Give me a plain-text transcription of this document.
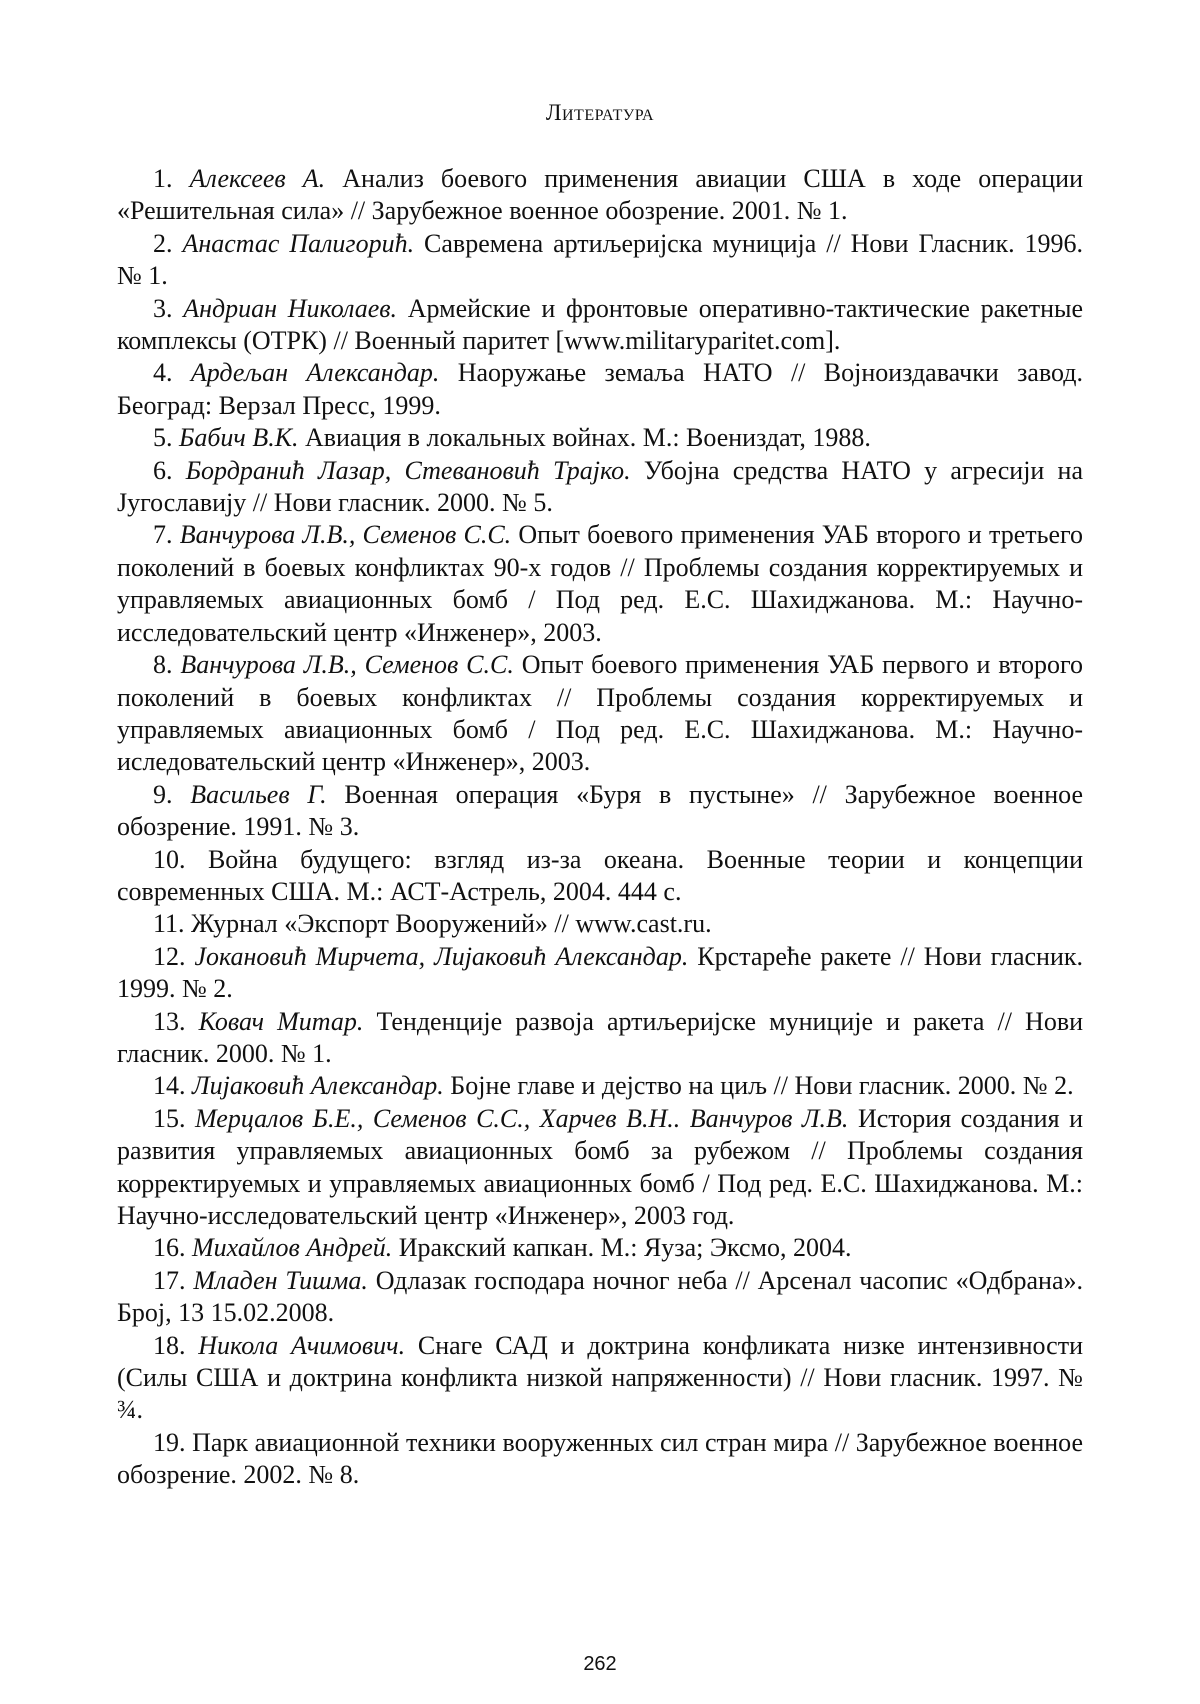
Литература

1. Алексеев А. Анализ боевого применения авиации США в ходе операции «Решительная сила» // Зарубежное военное обозрение. 2001. № 1.

2. Анастас Палигорић. Савремена артиљеријска муниција // Нови Гласник. 1996. № 1.

3. Андриан Николаев. Армейские и фронтовые оперативно-тактические ракетные комплексы (ОТРК) // Военный паритет [www.militaryparitet.com].

4. Ардељан Александар. Наоружање земаља НАТО // Војноиздавачки завод. Београд: Верзал Пресс, 1999.

5. Бабич В.К. Авиация в локальных войнах. М.: Воениздат, 1988.

6. Бордранић Лазар, Стевановић Трајко. Убојна средства НАТО у агресији на Југославију // Нови гласник. 2000. № 5.

7. Ванчурова Л.В., Семенов С.С. Опыт боевого применения УАБ второго и третьего поколений в боевых конфликтах 90-х годов // Проблемы создания корректируемых и управляемых авиационных бомб / Под ред. Е.С. Шахиджанова. М.: Научно-исследовательский центр «Инженер», 2003.

8. Ванчурова Л.В., Семенов С.С. Опыт боевого применения УАБ первого и второго поколений в боевых конфликтах // Проблемы создания корректируемых и управляемых авиационных бомб / Под ред. Е.С. Шахиджанова. М.: Научно-иследовательский центр «Инженер», 2003.

9. Васильев Г. Военная операция «Буря в пустыне» // Зарубежное военное обозрение. 1991. № 3.

10. Война будущего: взгляд из-за океана. Военные теории и концепции современных США. М.: АСТ-Астрель, 2004. 444 с.

11. Журнал «Экспорт Вооружений» // www.cast.ru.

12. Јокановић Мирчета, Лијаковић Александар. Крстареће ракете // Нови гласник. 1999. № 2.

13. Ковач Митар. Тенденције развоја артиљеријске муниције и ракета // Нови гласник. 2000. № 1.

14. Лијаковић Александар. Бојне главе и дејство на циљ // Нови гласник. 2000. № 2.

15. Мерцалов Б.Е., Семенов С.С., Харчев В.Н.. Ванчуров Л.В. История создания и развития управляемых авиационных бомб за рубежом // Проблемы создания корректируемых и управляемых авиационных бомб / Под ред. Е.С. Шахиджанова. М.: Научно-исследовательский центр «Инженер», 2003 год.

16. Михайлов Андрей. Иракский капкан. М.: Яуза; Эксмо, 2004.

17. Младен Тишма. Одлазак господара ночног неба // Арсенал часопис «Одбрана». Број, 13 15.02.2008.

18. Никола Ачимович. Снаге САД и доктрина конфликата низке интензивности (Силы США и доктрина конфликта низкой напряженности) // Нови гласник. 1997. № ¾.

19. Парк авиационной техники вооруженных сил стран мира // Зарубежное военное обозрение. 2002. № 8.

262
